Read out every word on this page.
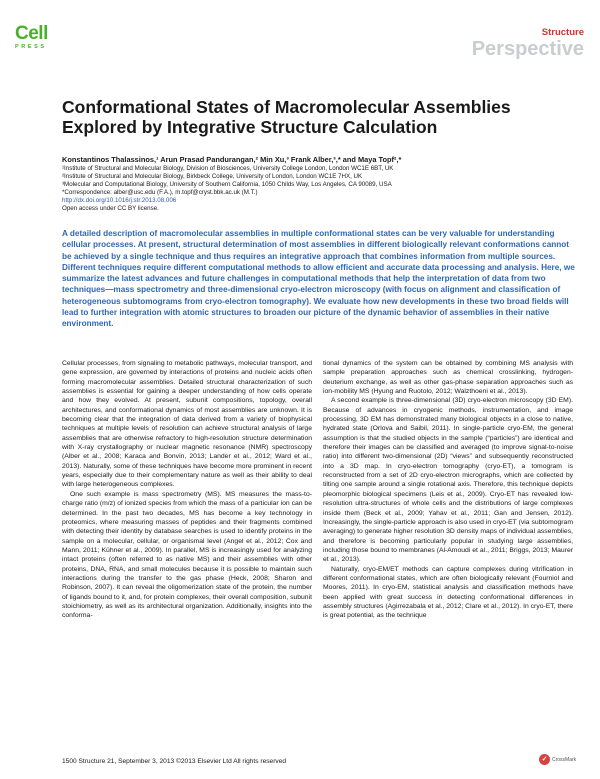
Cell
PRESS
Structure
Perspective
Conformational States of Macromolecular Assemblies Explored by Integrative Structure Calculation
Konstantinos Thalassinos,¹ Arun Prasad Pandurangan,² Min Xu,³ Frank Alber,³,* and Maya Topf²,*
¹Institute of Structural and Molecular Biology, Division of Biosciences, University College London, London WC1E 6BT, UK
²Institute of Structural and Molecular Biology, Birkbeck College, University of London, London WC1E 7HX, UK
³Molecular and Computational Biology, University of Southern California, 1050 Childs Way, Los Angeles, CA 90089, USA
*Correspondence: alber@usc.edu (F.A.), m.topf@cryst.bbk.ac.uk (M.T.)
http://dx.doi.org/10.1016/j.str.2013.08.006
Open access under CC BY license.

A detailed description of macromolecular assemblies in multiple conformational states can be very valuable for understanding cellular processes. At present, structural determination of most assemblies in different biologically relevant conformations cannot be achieved by a single technique and thus requires an integrative approach that combines information from multiple sources. Different techniques require different computational methods to allow efficient and accurate data processing and analysis. Here, we summarize the latest advances and future challenges in computational methods that help the interpretation of data from two techniques—mass spectrometry and three-dimensional cryo-electron microscopy (with focus on alignment and classification of heterogeneous subtomograms from cryo-electron tomography). We evaluate how new developments in these two broad fields will lead to further integration with atomic structures to broaden our picture of the dynamic behavior of assemblies in their native environment.

Cellular processes, from signaling to metabolic pathways, molecular transport, and gene expression, are governed by interactions of proteins and nucleic acids often forming macromolecular assemblies. Detailed structural characterization of such assemblies is essential for gaining a deeper understanding of how cells operate and how they evolved. At present, subunit compositions, topology, overall architectures, and conformational dynamics of most assemblies are unknown. It is becoming clear that the integration of data derived from a variety of biophysical techniques at multiple levels of resolution can achieve structural analysis of large assemblies that are otherwise refractory to high-resolution structure determination with X-ray crystallography or nuclear magnetic resonance (NMR) spectroscopy (Alber et al., 2008; Karaca and Bonvin, 2013; Lander et al., 2012; Ward et al., 2013). Naturally, some of these techniques have become more prominent in recent years, especially due to their complementary nature as well as their ability to deal with large heterogeneous complexes.

One such example is mass spectrometry (MS). MS measures the mass-to-charge ratio (m/z) of ionized species from which the mass of a particular ion can be determined. In the past two decades, MS has become a key technology in proteomics, where measuring masses of peptides and their fragments combined with detecting their identity by database searches is used to identify proteins in the sample on a molecular, cellular, or organismal level (Angel et al., 2012; Cox and Mann, 2011; Kühner et al., 2009). In parallel, MS is increasingly used for analyzing intact proteins (often referred to as native MS) and their assemblies with other proteins, DNA, RNA, and small molecules because it is possible to maintain such interactions during the transfer to the gas phase (Heck, 2008; Sharon and Robinson, 2007). It can reveal the oligomerization state of the protein, the number of ligands bound to it, and, for protein complexes, their overall composition, subunit stoichiometry, as well as its architectural organization. Additionally, insights into the conforma-

tional dynamics of the system can be obtained by combining MS analysis with sample preparation approaches such as chemical crosslinking, hydrogen-deuterium exchange, as well as other gas-phase separation approaches such as ion-mobility MS (Hyung and Ruotolo, 2012; Walzthoeni et al., 2013).

A second example is three-dimensional (3D) cryo-electron microscopy (3D EM). Because of advances in cryogenic methods, instrumentation, and image processing, 3D EM has demonstrated many biological objects in a close to native, hydrated state (Orlova and Saibil, 2011). In single-particle cryo-EM, the general assumption is that the studied objects in the sample (“particles”) are identical and therefore their images can be classified and averaged (to improve signal-to-noise ratio) into different two-dimensional (2D) “views” and subsequently reconstructed into a 3D map. In cryo-electron tomography (cryo-ET), a tomogram is reconstructed from a set of 2D cryo-electron micrographs, which are collected by tilting one sample around a single rotational axis. Therefore, this technique depicts pleomorphic biological specimens (Leis et al., 2009). Cryo-ET has revealed low-resolution ultra-structures of whole cells and the distributions of large complexes inside them (Beck et al., 2009; Yahav et al., 2011; Gan and Jensen, 2012). Increasingly, the single-particle approach is also used in cryo-ET (via subtomogram averaging) to generate higher resolution 3D density maps of individual assemblies, and therefore is becoming particularly popular in studying large assemblies, including those bound to membranes (Al-Amoudi et al., 2011; Briggs, 2013; Maurer et al., 2013).

Naturally, cryo-EM/ET methods can capture complexes during vitrification in different conformational states, which are often biologically relevant (Fourniol and Moores, 2011). In cryo-EM, statistical analysis and classification methods have been applied with great success in detecting conformational differences in assembly structures (Agirrezabala et al., 2012; Clare et al., 2012). In cryo-ET, there is great potential, as the technique

1500 Structure 21, September 3, 2013 ©2013 Elsevier Ltd All rights reserved	✓ CrossMark
